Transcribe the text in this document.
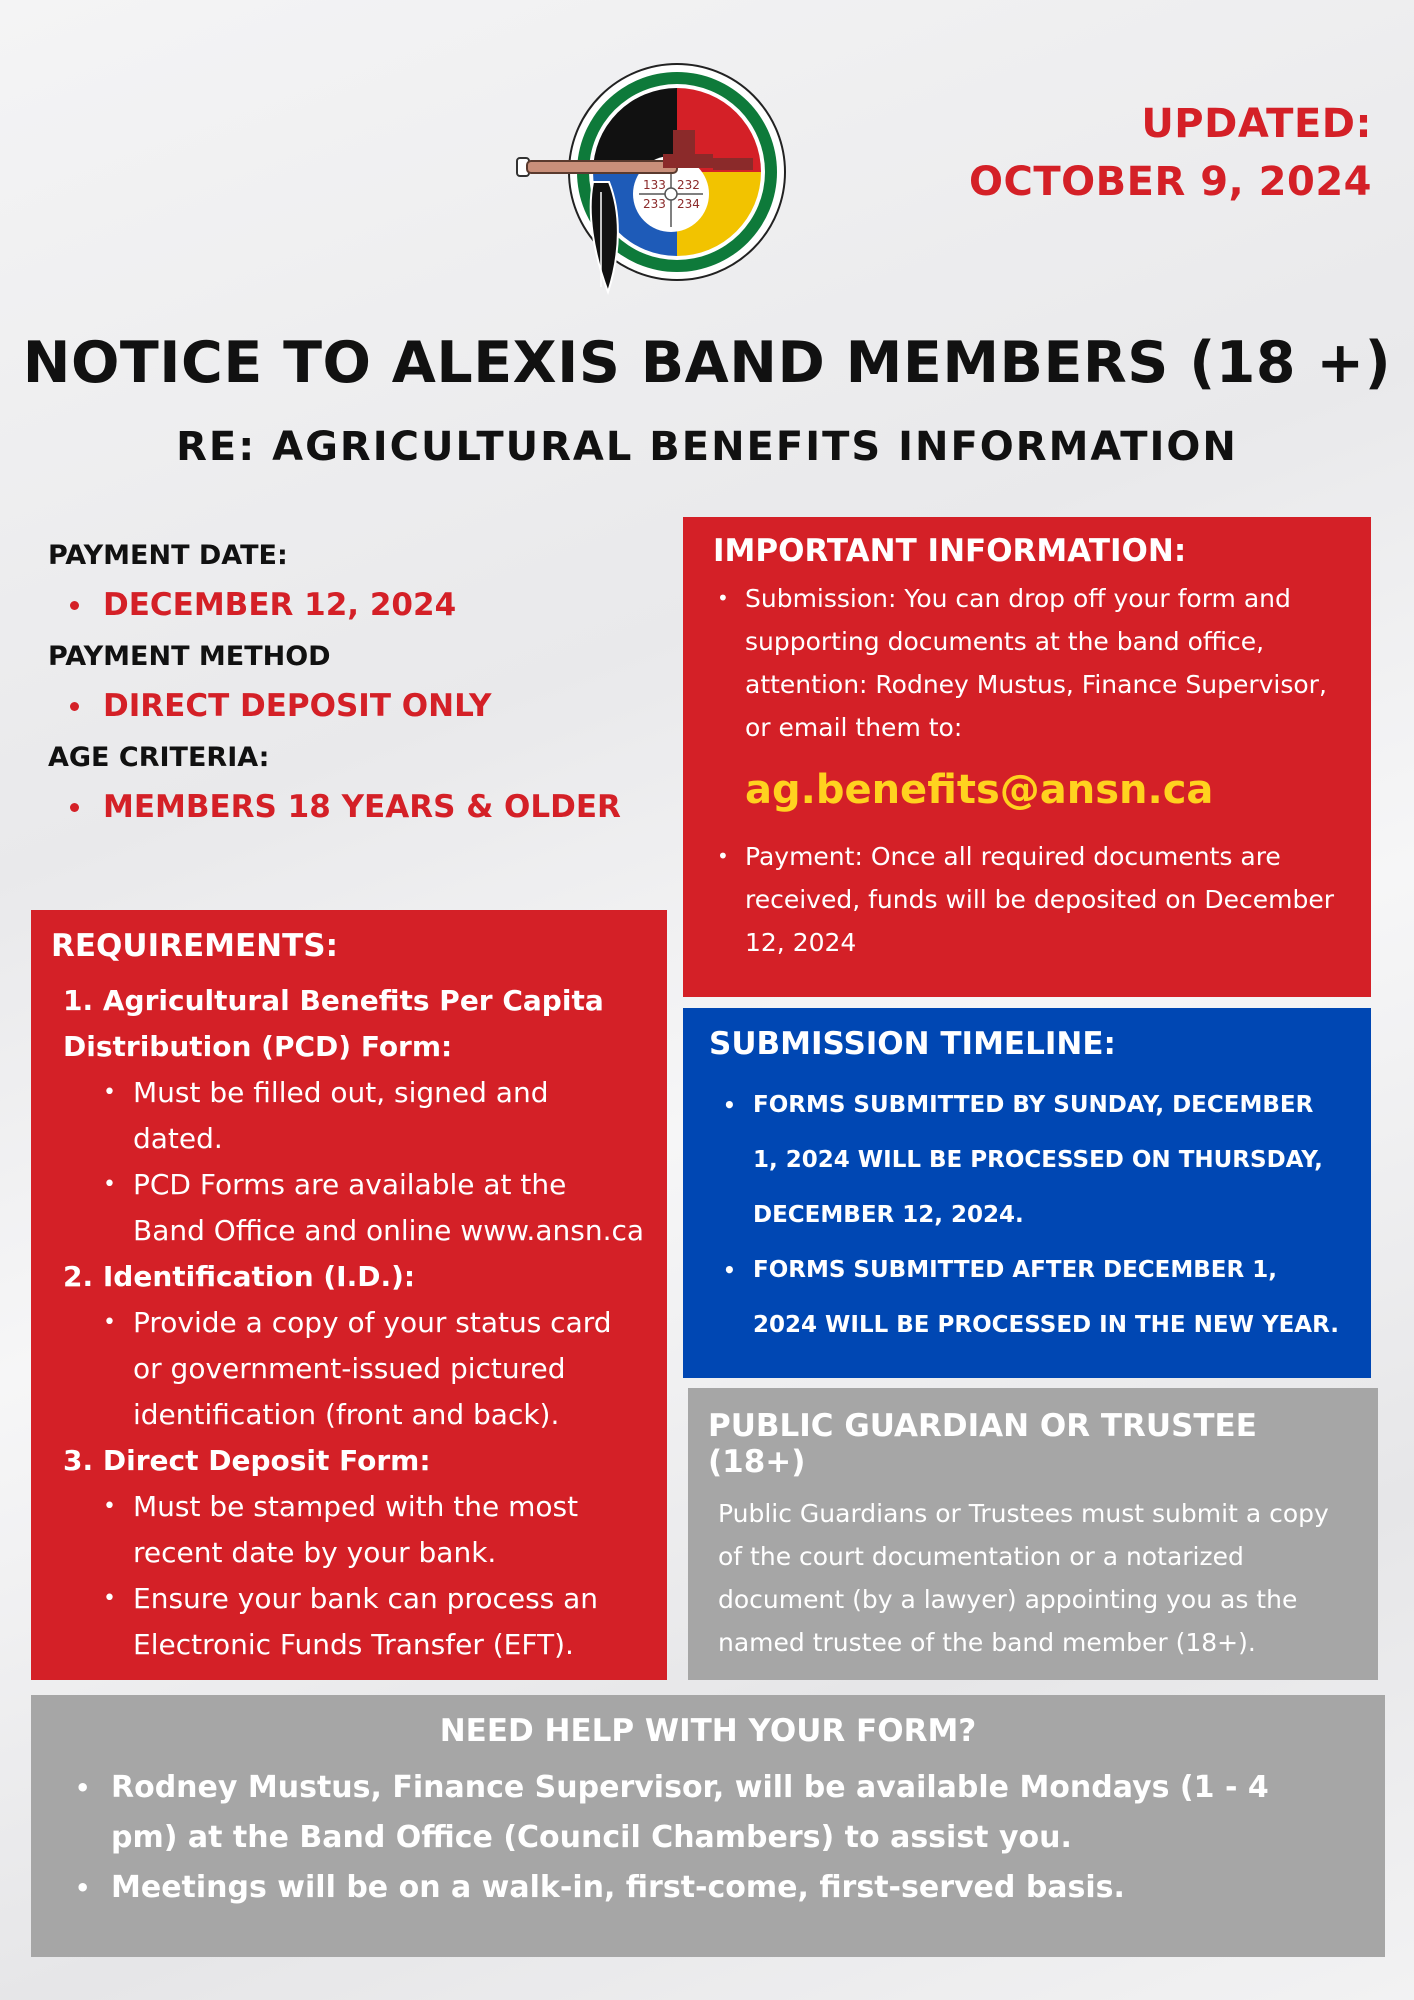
133 232
233 234
UPDATED:
OCTOBER 9, 2024
NOTICE TO ALEXIS BAND MEMBERS (18 +)
RE: AGRICULTURAL BENEFITS INFORMATION
PAYMENT DATE:
DECEMBER 12, 2024
PAYMENT METHOD
DIRECT DEPOSIT ONLY
AGE CRITERIA:
MEMBERS 18 YEARS & OLDER
REQUIREMENTS:
1. Agricultural Benefits Per Capita
Distribution (PCD) Form:
• Must be filled out, signed and dated.
• PCD Forms are available at the Band Office and online www.ansn.ca
2. Identification (I.D.):
• Provide a copy of your status card or government-issued pictured identification (front and back).
3. Direct Deposit Form:
• Must be stamped with the most recent date by your bank.
• Ensure your bank can process an Electronic Funds Transfer (EFT).
IMPORTANT INFORMATION:

• Submission: You can drop off your form and supporting documents at the band office, attention: Rodney Mustus, Finance Supervisor, or email them to:

ag.benefits@ansn.ca

• Payment: Once all required documents are received, funds will be deposited on December 12, 2024

SUBMISSION TIMELINE:

• FORMS SUBMITTED BY SUNDAY, DECEMBER 1, 2024 WILL BE PROCESSED ON THURSDAY, DECEMBER 12, 2024.

• FORMS SUBMITTED AFTER DECEMBER 1, 2024 WILL BE PROCESSED IN THE NEW YEAR.

PUBLIC GUARDIAN OR TRUSTEE (18+)

Public Guardians or Trustees must submit a copy of the court documentation or a notarized document (by a lawyer) appointing you as the named trustee of the band member (18+).

NEED HELP WITH YOUR FORM?

• Rodney Mustus, Finance Supervisor, will be available Mondays (1 - 4 pm) at the Band Office (Council Chambers) to assist you.

• Meetings will be on a walk-in, first-come, first-served basis.
